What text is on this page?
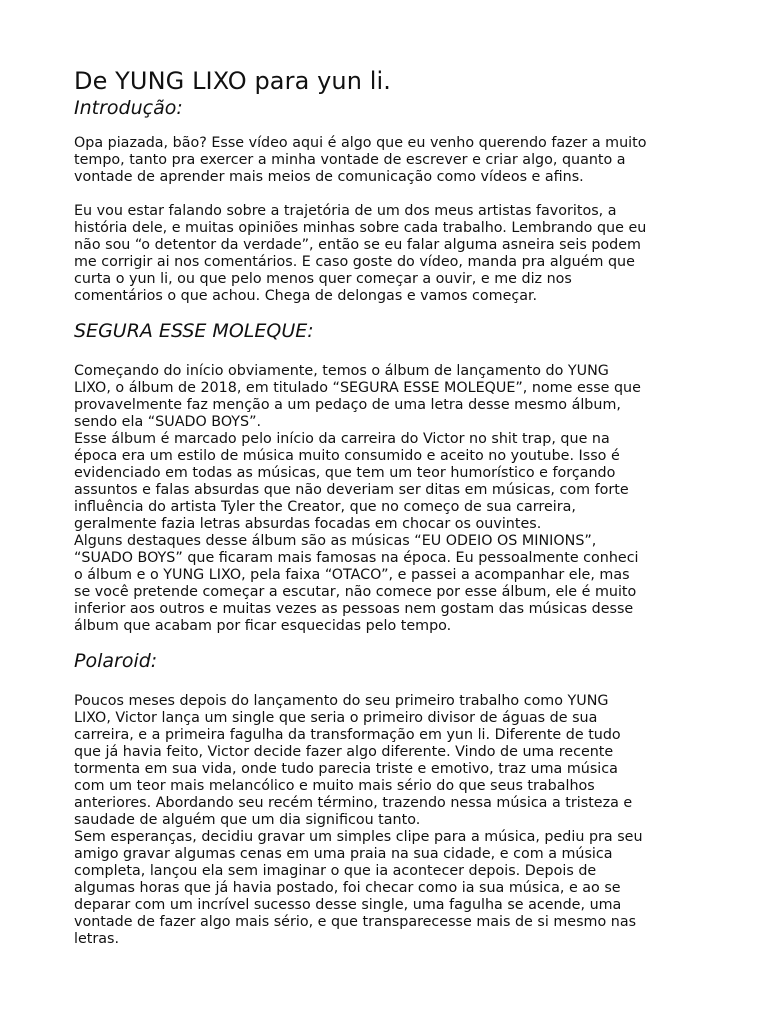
De YUNG LIXO para yun li.
Introdução:

Opa piazada, bão? Esse vídeo aqui é algo que eu venho querendo fazer a muito
tempo, tanto pra exercer a minha vontade de escrever e criar algo, quanto a
vontade de aprender mais meios de comunicação como vídeos e afins.

Eu vou estar falando sobre a trajetória de um dos meus artistas favoritos, a
história dele, e muitas opiniões minhas sobre cada trabalho. Lembrando que eu
não sou “o detentor da verdade”, então se eu falar alguma asneira seis podem
me corrigir ai nos comentários. E caso goste do vídeo, manda pra alguém que
curta o yun li, ou que pelo menos quer começar a ouvir, e me diz nos
comentários o que achou. Chega de delongas e vamos começar.

SEGURA ESSE MOLEQUE:

Começando do início obviamente, temos o álbum de lançamento do YUNG
LIXO, o álbum de 2018, em titulado “SEGURA ESSE MOLEQUE”, nome esse que
provavelmente faz menção a um pedaço de uma letra desse mesmo álbum,
sendo ela “SUADO BOYS”.
Esse álbum é marcado pelo início da carreira do Victor no shit trap, que na
época era um estilo de música muito consumido e aceito no youtube. Isso é
evidenciado em todas as músicas, que tem um teor humorístico e forçando
assuntos e falas absurdas que não deveriam ser ditas em músicas, com forte
influência do artista Tyler the Creator, que no começo de sua carreira,
geralmente fazia letras absurdas focadas em chocar os ouvintes.
Alguns destaques desse álbum são as músicas “EU ODEIO OS MINIONS”,
“SUADO BOYS” que ficaram mais famosas na época. Eu pessoalmente conheci
o álbum e o YUNG LIXO, pela faixa “OTACO”, e passei a acompanhar ele, mas
se você pretende começar a escutar, não comece por esse álbum, ele é muito
inferior aos outros e muitas vezes as pessoas nem gostam das músicas desse
álbum que acabam por ficar esquecidas pelo tempo.

Polaroid:

Poucos meses depois do lançamento do seu primeiro trabalho como YUNG
LIXO, Victor lança um single que seria o primeiro divisor de águas de sua
carreira, e a primeira fagulha da transformação em yun li. Diferente de tudo
que já havia feito, Victor decide fazer algo diferente. Vindo de uma recente
tormenta em sua vida, onde tudo parecia triste e emotivo, traz uma música
com um teor mais melancólico e muito mais sério do que seus trabalhos
anteriores. Abordando seu recém término, trazendo nessa música a tristeza e
saudade de alguém que um dia significou tanto.
Sem esperanças, decidiu gravar um simples clipe para a música, pediu pra seu
amigo gravar algumas cenas em uma praia na sua cidade, e com a música
completa, lançou ela sem imaginar o que ia acontecer depois. Depois de
algumas horas que já havia postado, foi checar como ia sua música, e ao se
deparar com um incrível sucesso desse single, uma fagulha se acende, uma
vontade de fazer algo mais sério, e que transparecesse mais de si mesmo nas
letras.
